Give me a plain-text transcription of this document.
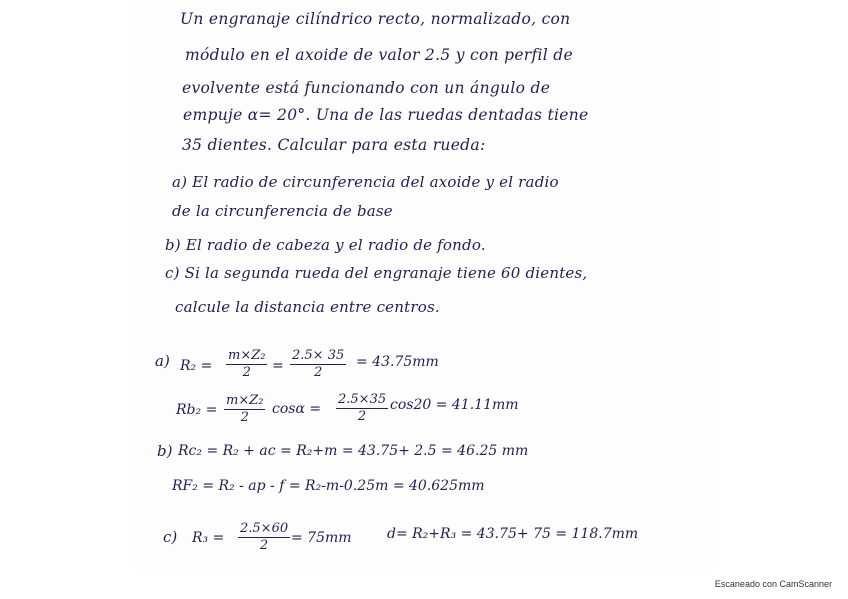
Un engranaje cilíndrico recto, normalizado, con
módulo en el axoide de valor 2.5 y con perfil de
evolvente está funcionando con un ángulo de
empuje α= 20°. Una de las ruedas dentadas tiene
35 dientes. Calcular para esta rueda:
a) El radio de circunferencia del axoide y el radio
de la circunferencia de base
b) El radio de cabeza y el radio de fondo.
c) Si la segunda rueda del engranaje tiene 60 dientes,
calcule la distancia entre centros.
a) $R_2 = \frac{\text{m×Z₂}}{2} = \frac{2.5\times 35}{2} = 43.75mm$
$Rb_2 = \frac{\text{m×Z₂}}{2}$ $\cos\alpha = \frac{2.5\times 35}{2} \cos 20 = 41.11mm$
b) Rc₂ = R₂ + ac = R₂+m = 43.75+ 2.5 = 46.25 mm
RF₂ = R₂ - ap - f = R₂-m-0.25m = 40.625mm
c) $R_3 = \frac{2.5\times 60}{2} = 75mm$	d= R₂+R₃ = 43.75+ 75 = 118.7mm
Escaneado con CamScanner
